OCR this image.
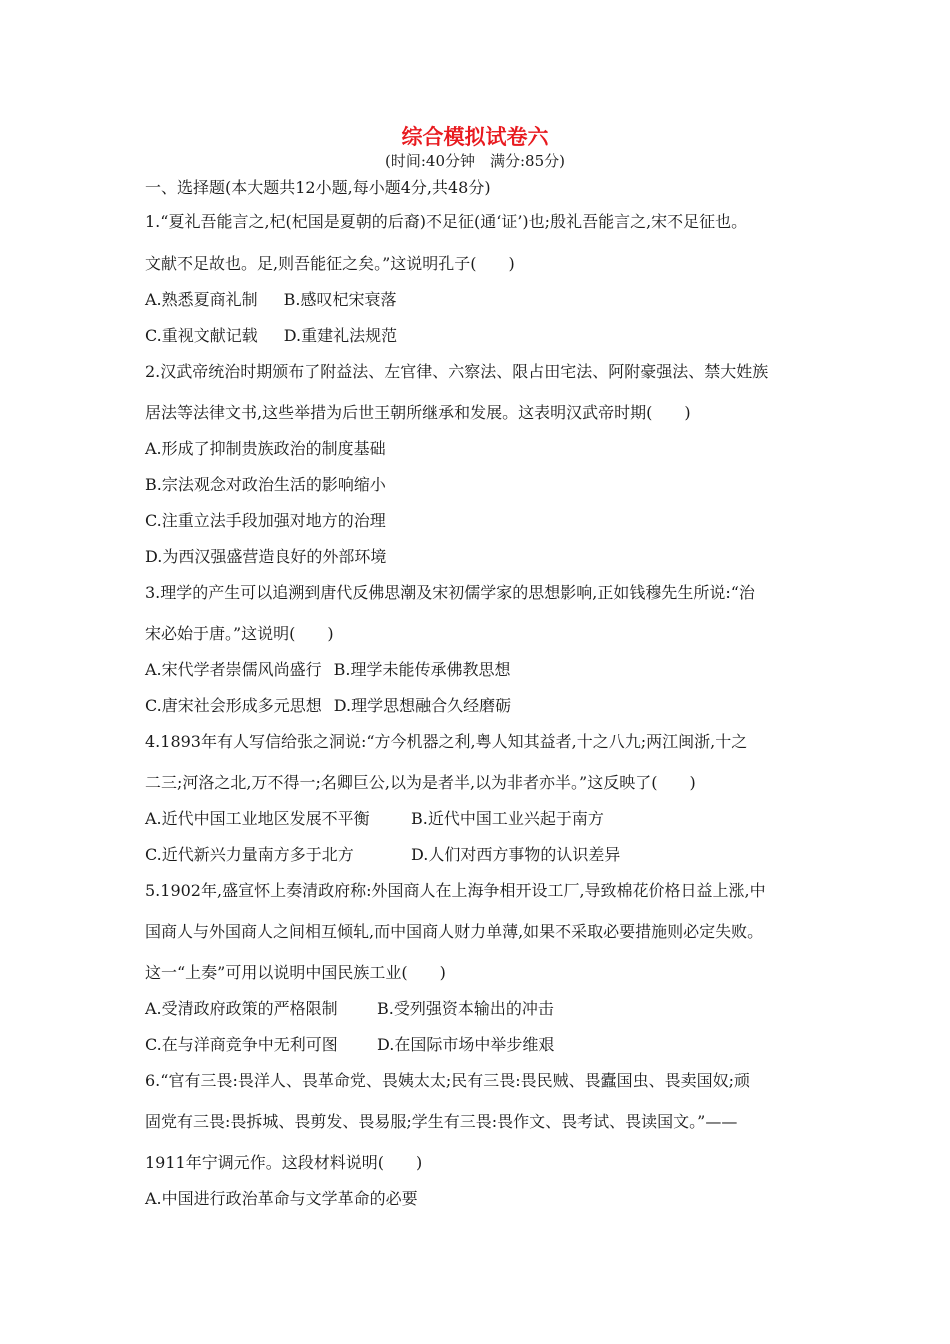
综合模拟试卷六
(时间:40分钟　满分:85分)
一、选择题(本大题共12小题,每小题4分,共48分)
1.“夏礼吾能言之,杞(杞国是夏朝的后裔)不足征(通‘证’)也;殷礼吾能言之,宋不足征也。
文献不足故也。足,则吾能征之矣。”这说明孔子(　　)
A.熟悉夏商礼制 B.感叹杞宋衰落
C.重视文献记载 D.重建礼法规范
2.汉武帝统治时期颁布了附益法、左官律、六察法、限占田宅法、阿附豪强法、禁大姓族
居法等法律文书,这些举措为后世王朝所继承和发展。这表明汉武帝时期(　　)
A.形成了抑制贵族政治的制度基础
B.宗法观念对政治生活的影响缩小
C.注重立法手段加强对地方的治理
D.为西汉强盛营造良好的外部环境
3.理学的产生可以追溯到唐代反佛思潮及宋初儒学家的思想影响,正如钱穆先生所说:“治
宋必始于唐。”这说明(　　)
A.宋代学者崇儒风尚盛行 B.理学未能传承佛教思想
C.唐宋社会形成多元思想 D.理学思想融合久经磨砺
4.1893年有人写信给张之洞说:“方今机器之利,粤人知其益者,十之八九;两江闽浙,十之
二三;河洛之北,万不得一;名卿巨公,以为是者半,以为非者亦半。”这反映了(　　)
A.近代中国工业地区发展不平衡	B.近代中国工业兴起于南方
C.近代新兴力量南方多于北方	D.人们对西方事物的认识差异
5.1902年,盛宣怀上奏清政府称:外国商人在上海争相开设工厂,导致棉花价格日益上涨,中
国商人与外国商人之间相互倾轧,而中国商人财力单薄,如果不采取必要措施则必定失败。
这一“上奏”可用以说明中国民族工业(　　)
A.受清政府政策的严格限制 B.受列强资本输出的冲击
C.在与洋商竞争中无利可图 D.在国际市场中举步维艰
6.“官有三畏:畏洋人、畏革命党、畏姨太太;民有三畏:畏民贼、畏蠹国虫、畏卖国奴;顽
固党有三畏:畏拆城、畏剪发、畏易服;学生有三畏:畏作文、畏考试、畏读国文。”——
1911年宁调元作。这段材料说明(　　)
A.中国进行政治革命与文学革命的必要
